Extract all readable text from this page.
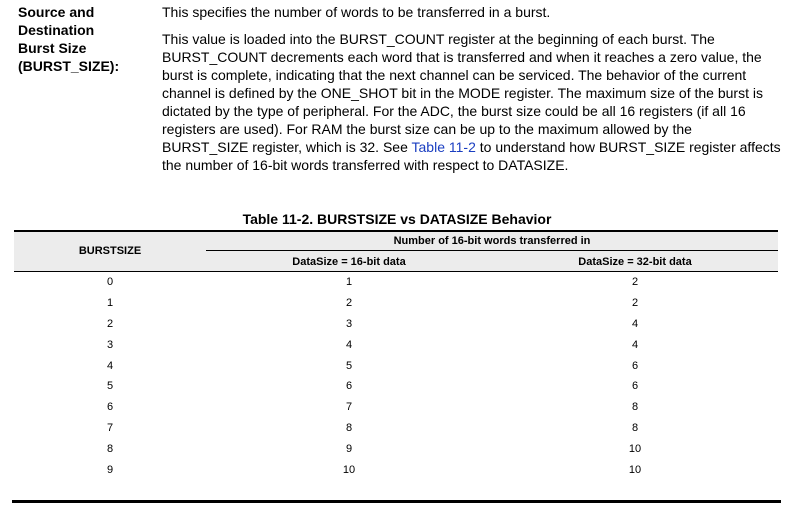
Source and
Destination
Burst Size
(BURST_SIZE):

This specifies the number of words to be transferred in a burst.

This value is loaded into the BURST_COUNT register at the beginning of each burst. The BURST_COUNT decrements each word that is transferred and when it reaches a zero value, the burst is complete, indicating that the next channel can be serviced. The behavior of the current channel is defined by the ONE_SHOT bit in the MODE register. The maximum size of the burst is dictated by the type of peripheral. For the ADC, the burst size could be all 16 registers (if all 16 registers are used). For RAM the burst size can be up to the maximum allowed by the BURST_SIZE register, which is 32. See Table 11-2 to understand how BURST_SIZE register affects the number of 16-bit words transferred with respect to DATASIZE.

Table 11-2. BURSTSIZE vs DATASIZE Behavior
BURSTSIZE
Number of 16-bit words transferred in
DataSize = 16-bit data	DataSize = 32-bit data
0	1	2
1	2	2
2	3	4
3	4	4
4	5	6
5	6	6
6	7	8
7	8	8
8	9	10
9	10	10
